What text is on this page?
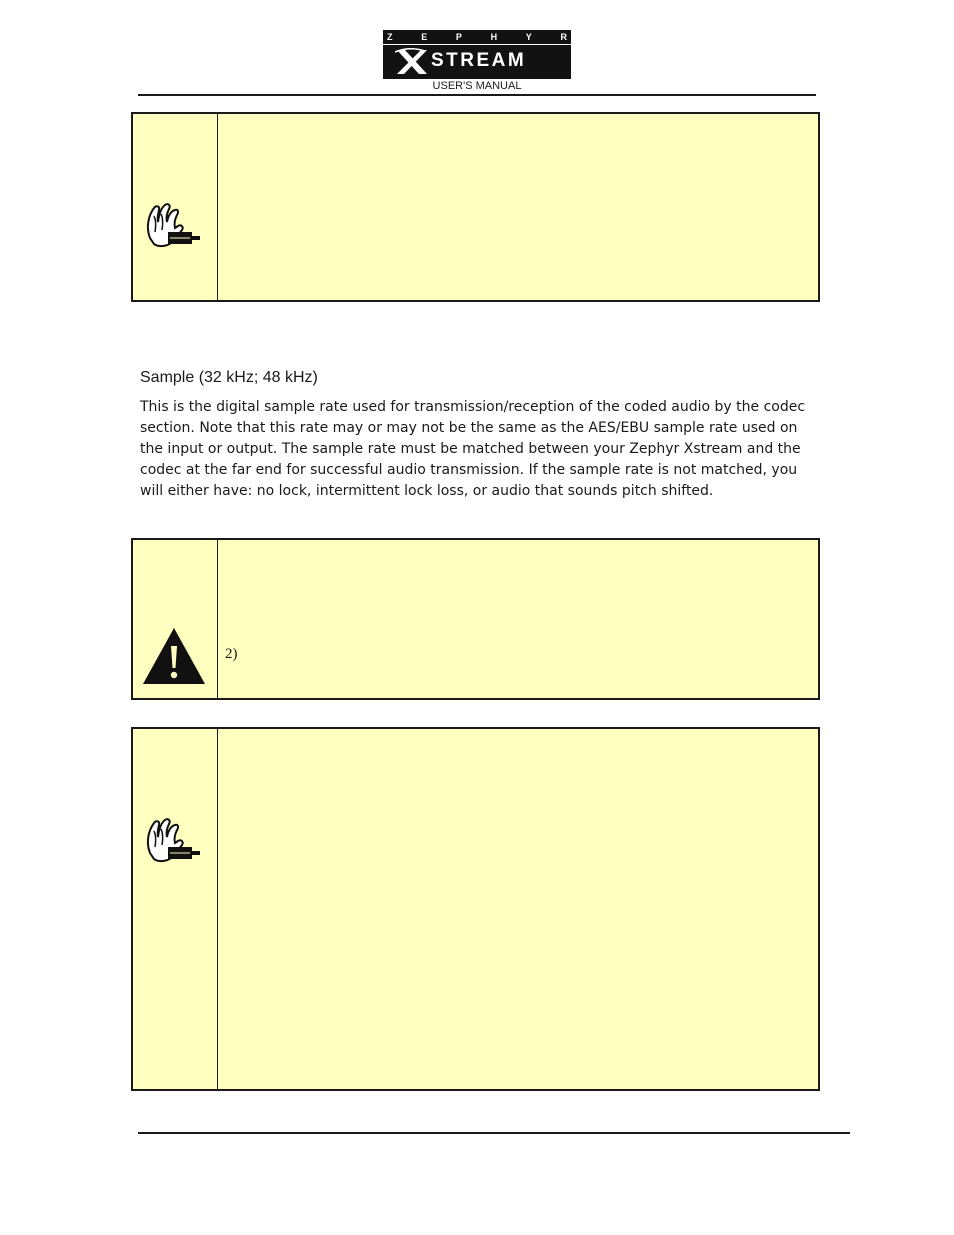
Z	E	P	H	Y	R
STREAM
USER'S MANUAL
Sample (32 kHz; 48 kHz)

This is the digital sample rate used for transmission/reception of the coded audio by the codec section. Note that this rate may or may not be the same as the AES/EBU sample rate used on the input or output. The sample rate must be matched between your Zephyr Xstream and the codec at the far end for successful audio transmission. If the sample rate is not matched, you will either have: no lock, intermittent lock loss, or audio that sounds pitch shifted.

2)
